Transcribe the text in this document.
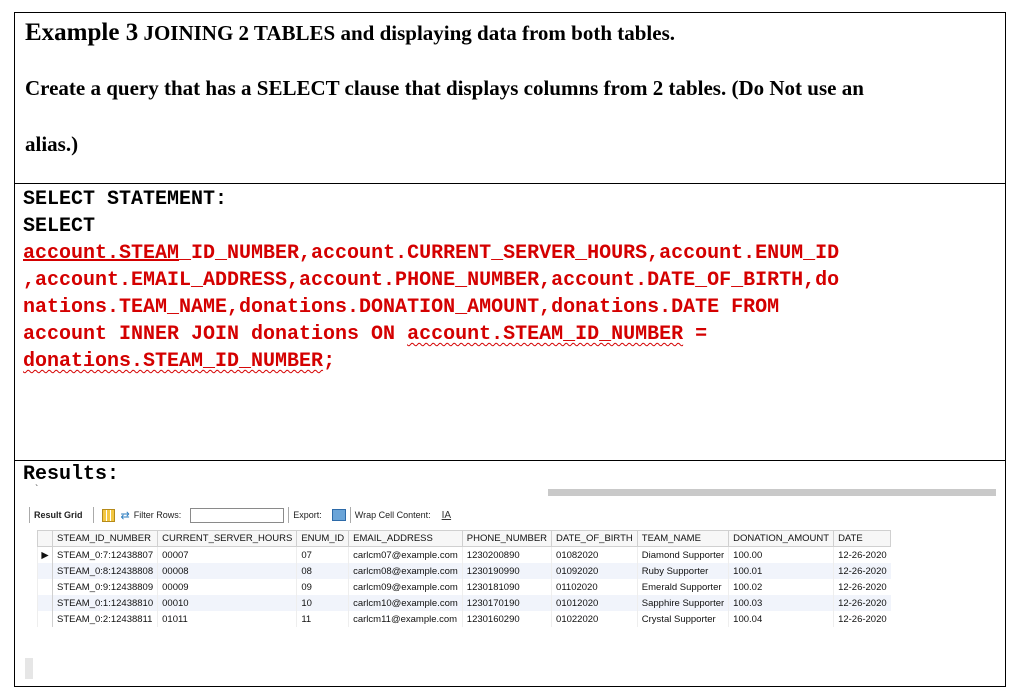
Example 3 JOINING 2 TABLES and displaying data from both tables.
Create a query that has a SELECT clause that displays columns from 2 tables. (Do Not use an
alias.)
SELECT STATEMENT:
SELECT
account.STEAM_ID_NUMBER,account.CURRENT_SERVER_HOURS,account.ENUM_ID
,account.EMAIL_ADDRESS,account.PHONE_NUMBER,account.DATE_OF_BIRTH,do
nations.TEAM_NAME,donations.DONATION_AMOUNT,donations.DATE FROM
account INNER JOIN donations ON account.STEAM_ID_NUMBER =
donations.STEAM_ID_NUMBER;
Results:
`
Result Grid	⇄ Filter Rows:	Export:	Wrap Cell Content: IA
	STEAM_ID_NUMBER	CURRENT_SERVER_HOURS	ENUM_ID	EMAIL_ADDRESS	PHONE_NUMBER	DATE_OF_BIRTH	TEAM_NAME	DONATION_AMOUNT	DATE
▶	STEAM_0:7:12438807	00007	07	carlcm07@example.com	1230200890	01082020	Diamond Supporter	100.00	12-26-2020
	STEAM_0:8:12438808	00008	08	carlcm08@example.com	1230190990	01092020	Ruby Supporter	100.01	12-26-2020
	STEAM_0:9:12438809	00009	09	carlcm09@example.com	1230181090	01102020	Emerald Supporter	100.02	12-26-2020
	STEAM_0:1:12438810	00010	10	carlcm10@example.com	1230170190	01012020	Sapphire Supporter	100.03	12-26-2020
	STEAM_0:2:12438811	01011	11	carlcm11@example.com	1230160290	01022020	Crystal Supporter	100.04	12-26-2020
